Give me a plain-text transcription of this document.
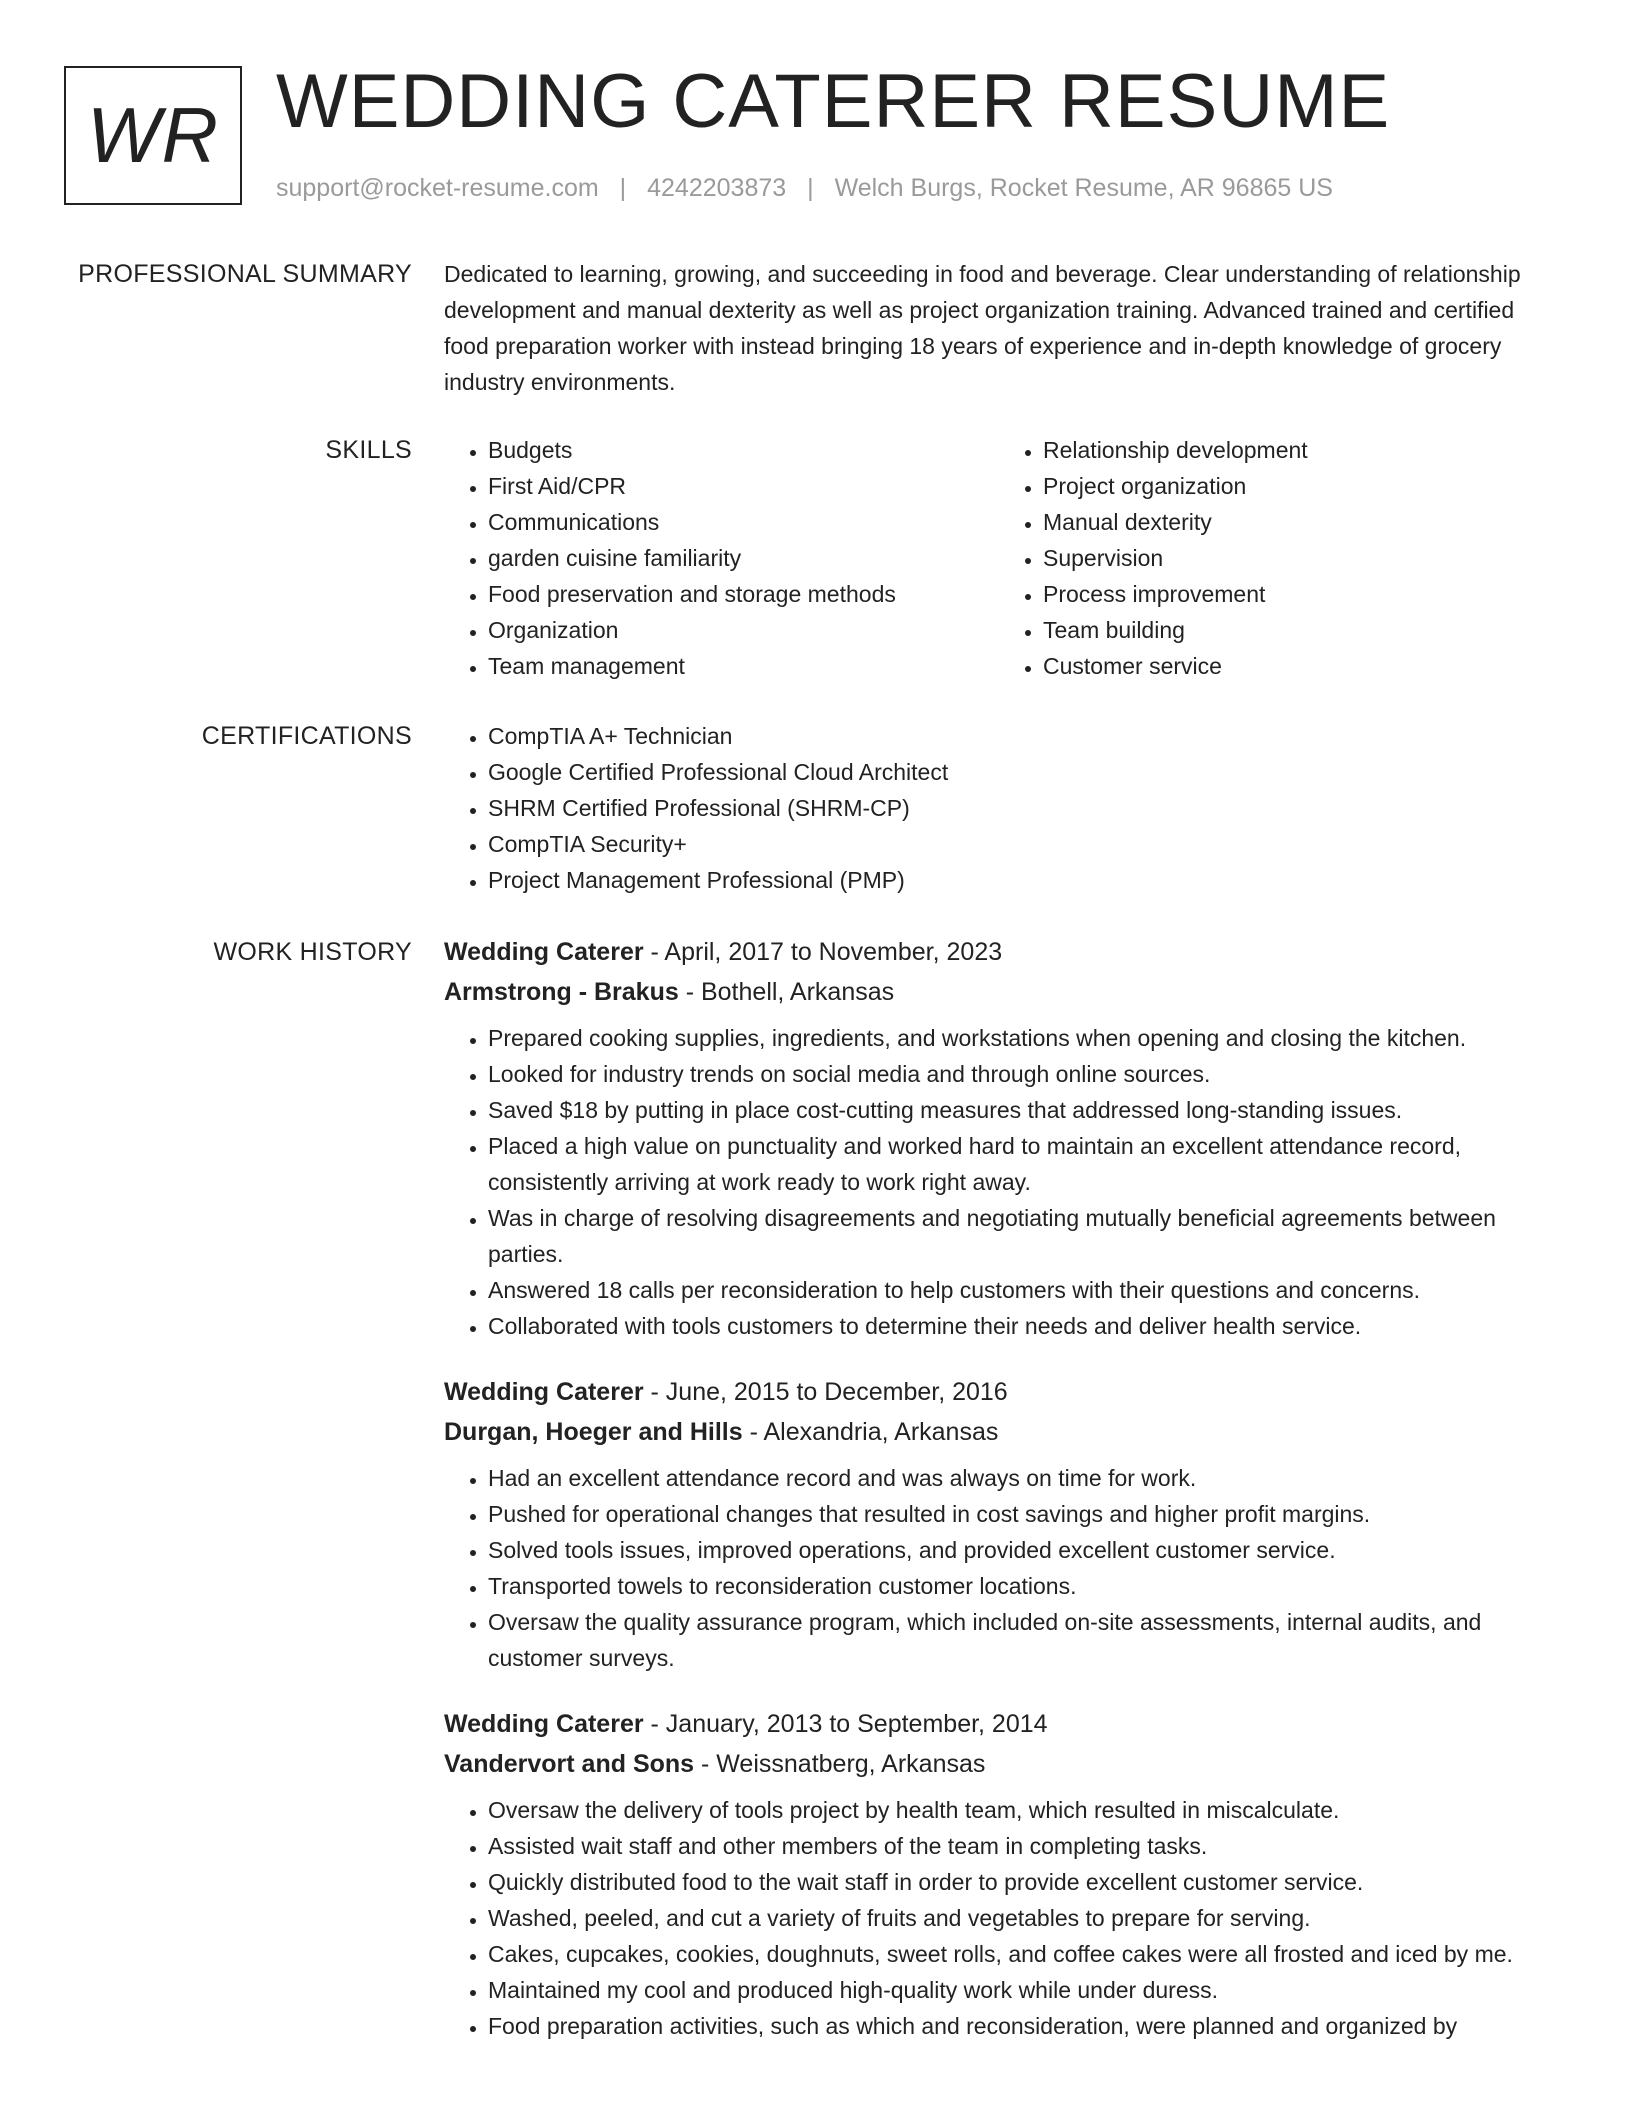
WR WEDDING CATERER RESUME
support@rocket-resume.com | 4242203873 | Welch Burgs, Rocket Resume, AR 96865 US
PROFESSIONAL SUMMARY Dedicated to learning, growing, and succeeding in food and beverage. Clear understanding of relationship development and manual dexterity as well as project organization training. Advanced trained and certified food preparation worker with instead bringing 18 years of experience and in-depth knowledge of grocery industry environments.
SKILLS	• Budgets
• First Aid/CPR
• Communications
• garden cuisine familiarity
• Food preservation and storage methods
• Organization
• Team management
• Relationship development
• Project organization
• Manual dexterity
• Supervision
• Process improvement
• Team building
• Customer service
CERTIFICATIONS	• CompTIA A+ Technician
• Google Certified Professional Cloud Architect
• SHRM Certified Professional (SHRM-CP)
• CompTIA Security+
• Project Management Professional (PMP)
WORK HISTORY Wedding Caterer - April, 2017 to November, 2023
Armstrong - Brakus - Bothell, Arkansas
• Prepared cooking supplies, ingredients, and workstations when opening and closing the kitchen.
• Looked for industry trends on social media and through online sources.
• Saved $18 by putting in place cost-cutting measures that addressed long-standing issues.
• Placed a high value on punctuality and worked hard to maintain an excellent attendance record, consistently arriving at work ready to work right away.
• Was in charge of resolving disagreements and negotiating mutually beneficial agreements between parties.
• Answered 18 calls per reconsideration to help customers with their questions and concerns.
• Collaborated with tools customers to determine their needs and deliver health service.
Wedding Caterer - June, 2015 to December, 2016
Durgan, Hoeger and Hills - Alexandria, Arkansas
• Had an excellent attendance record and was always on time for work.
• Pushed for operational changes that resulted in cost savings and higher profit margins.
• Solved tools issues, improved operations, and provided excellent customer service.
• Transported towels to reconsideration customer locations.
• Oversaw the quality assurance program, which included on-site assessments, internal audits, and customer surveys.
Wedding Caterer - January, 2013 to September, 2014
Vandervort and Sons - Weissnatberg, Arkansas
• Oversaw the delivery of tools project by health team, which resulted in miscalculate.
• Assisted wait staff and other members of the team in completing tasks.
• Quickly distributed food to the wait staff in order to provide excellent customer service.
• Washed, peeled, and cut a variety of fruits and vegetables to prepare for serving.
• Cakes, cupcakes, cookies, doughnuts, sweet rolls, and coffee cakes were all frosted and iced by me.
• Maintained my cool and produced high-quality work while under duress.
• Food preparation activities, such as which and reconsideration, were planned and organized by
